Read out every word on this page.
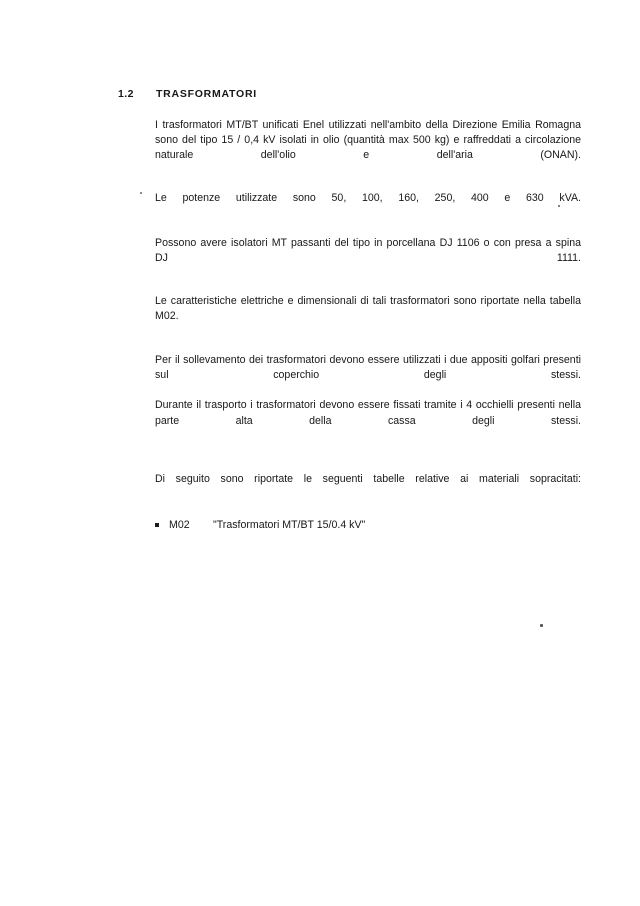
1.2	TRASFORMATORI

I trasformatori MT/BT unificati Enel utilizzati nell'ambito della Direzione Emilia Romagna sono del tipo 15 / 0,4 kV isolati in olio (quantità max 500 kg) e raffreddati a circolazione naturale dell'olio e dell'aria (ONAN).

Le potenze utilizzate sono 50, 100, 160, 250, 400 e 630 kVA.

Possono avere isolatori MT passanti del tipo in porcellana DJ 1106 o con presa a spina DJ 1111.

Le caratteristiche elettriche e dimensionali di tali trasformatori sono riportate nella tabella M02.

Per il sollevamento dei trasformatori devono essere utilizzati i due appositi golfari presenti sul coperchio degli stessi.

Durante il trasporto i trasformatori devono essere fissati tramite i 4 occhielli presenti nella parte alta della cassa degli stessi.

Di seguito sono riportate le seguenti tabelle relative ai materiali sopracitati:

M02 "Trasformatori MT/BT 15/0.4 kV"
